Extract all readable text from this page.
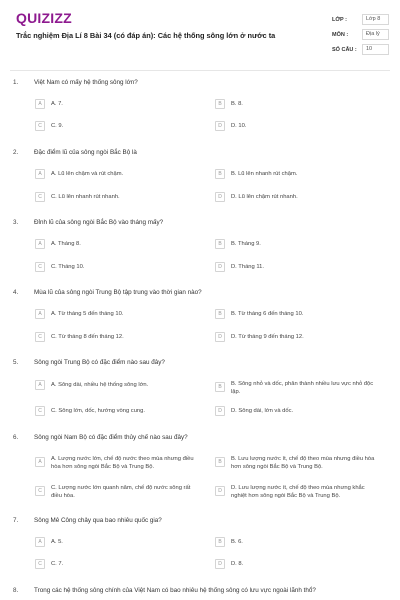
QUIZIZZ
Trắc nghiệm Địa Lí 8 Bài 34 (có đáp án): Các hệ thống sông lớn ở nước ta
LỚP :	Lớp 8
MÔN :	Địa lý
SỐ CÂU :	10
1. Việt Nam có mấy hệ thống sông lớn?
A	A. 7.	B	B. 8.
C	C. 9.	D	D. 10.
2. Đặc điểm lũ của sông ngòi Bắc Bộ là
A	A. Lũ lên chậm và rút chậm.	B	B. Lũ lên nhanh rút chậm.
C	C. Lũ lên nhanh rút nhanh.	D	D. Lũ lên chậm rút nhanh.
3. Đỉnh lũ của sông ngòi Bắc Bộ vào tháng mấy?
A	A. Tháng 8.	B	B. Tháng 9.
C	C. Tháng 10.	D	D. Tháng 11.
4. Mùa lũ của sông ngòi Trung Bộ tập trung vào thời gian nào?
A	A. Từ tháng 5 đến tháng 10.	B	B. Từ tháng 6 đến tháng 10.
C	C. Từ tháng 8 đến tháng 12.	D	D. Từ tháng 9 đến tháng 12.
5. Sông ngòi Trung Bộ có đặc điểm nào sau đây?
A	A. Sông dài, nhiều hệ thống sông lớn.	B	B. Sông nhỏ và dốc, phân thành nhiều lưu vực nhỏ độc lập.
C	C. Sông lớn, dốc, hướng vòng cung.	D	D. Sông dài, lớn và dốc.
6. Sông ngòi Nam Bộ có đặc điểm thủy chế nào sau đây?
A	A. Lượng nước lớn, chế độ nước theo mùa nhưng điều hòa hơn sông ngòi Bắc Bộ và Trung Bộ.
B	B. Lưu lượng nước ít, chế độ theo mùa nhưng điều hòa hơn sông ngòi Bắc Bộ và Trung Bộ.
C	C. Lượng nước lớn quanh năm, chế độ nước sông rất điều hòa.
D	D. Lưu lượng nước ít, chế độ theo mùa nhưng khắc nghiệt hơn sông ngòi Bắc Bộ và Trung Bộ.
7. Sông Mê Công chảy qua bao nhiêu quốc gia?
A	A. 5.	B	B. 6.
C	C. 7.	D	D. 8.
8. Trong các hệ thống sông chính của Việt Nam có bao nhiêu hệ thống sông có lưu vực ngoài lãnh thổ?
